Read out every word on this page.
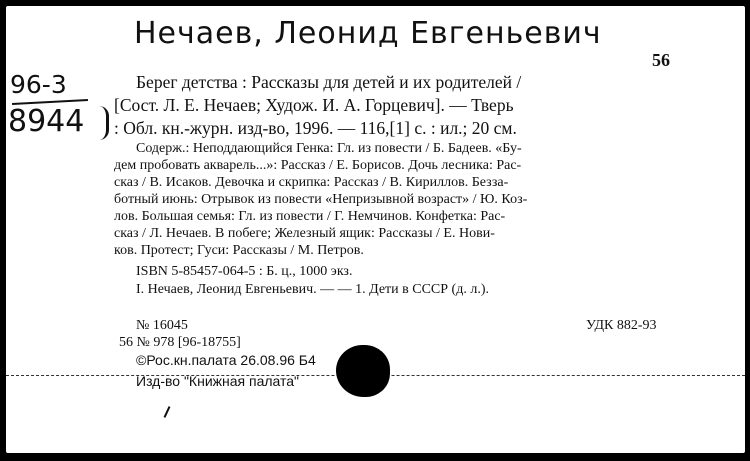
Нечаев, Леонид Евгеньевич
56
96-3
8944
Берег детства : Рассказы для детей и их родителей /
[Сост. Л. Е. Нечаев; Худож. И. А. Горцевич]. — Тверь
: Обл. кн.-журн. изд-во, 1996. — 116,[1] с. : ил.; 20 см.
Содерж.: Неподдающийся Генка: Гл. из повести / Б. Бадеев. «Бу-
дем пробовать акварель...»: Рассказ / Е. Борисов. Дочь лесника: Рас-
сказ / В. Исаков. Девочка и скрипка: Рассказ / В. Кириллов. Безза-
ботный июнь: Отрывок из повести «Непризывной возраст» / Ю. Коз-
лов. Большая семья: Гл. из повести / Г. Немчинов. Конфетка: Рас-
сказ / Л. Нечаев. В побеге; Железный ящик: Рассказы / Е. Нови-
ков. Протест; Гуси: Рассказы / М. Петров.
ISBN 5-85457-064-5 : Б. ц., 1000 экз.
I. Нечаев, Леонид Евгеньевич. — — 1. Дети в СССР (д. л.).
№ 16045	УДК 882-93
56 № 978 [96-18755]
©Рос.кн.палата 26.08.96 Б4
Изд-во "Книжная палата"
